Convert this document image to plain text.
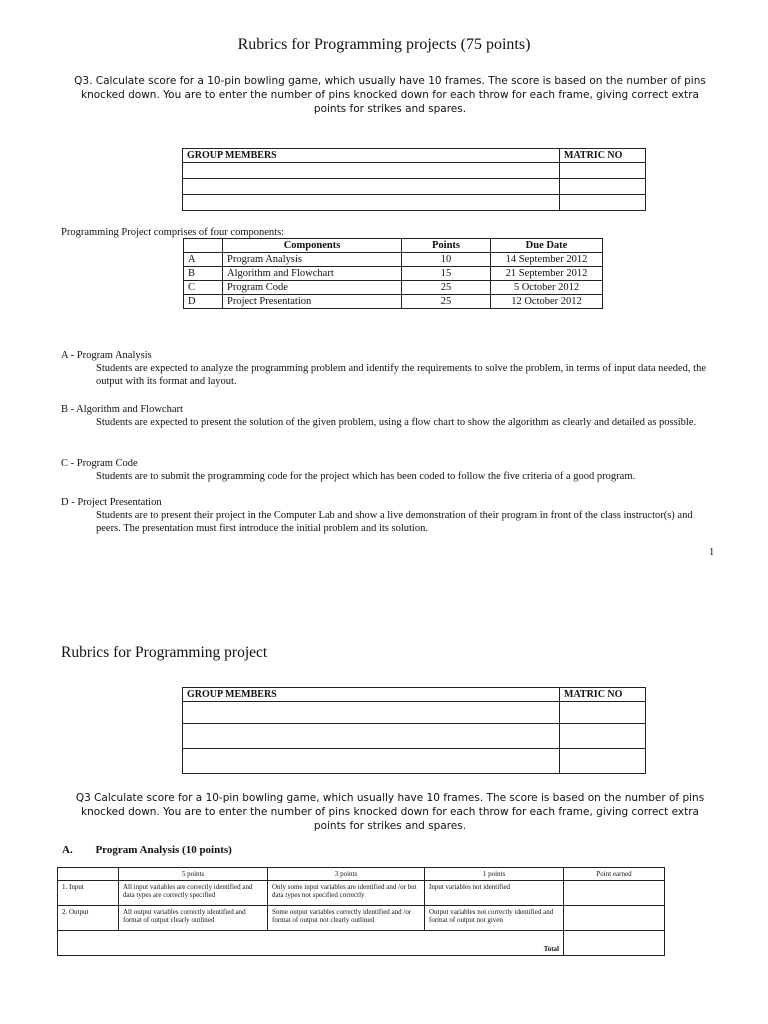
Rubrics for Programming projects (75 points)
Q3. Calculate score for a 10-pin bowling game, which usually have 10 frames. The score is based on the number of pins knocked down. You are to enter the number of pins knocked down for each throw for each frame, giving correct extra points for strikes and spares.
GROUP MEMBERS	MATRIC NO

Programming Project comprises of four components:
	Components	Points	Due Date
A	Program Analysis	10	14 September 2012
B	Algorithm and Flowchart	15	21 September 2012
C	Program Code	25	5 October 2012
D	Project Presentation	25	12 October 2012
A - Program Analysis
Students are expected to analyze the programming problem and identify the requirements to solve the problem, in terms of input data needed, the output with its format and layout.
B - Algorithm and Flowchart
Students are expected to present the solution of the given problem, using a flow chart to show the algorithm as clearly and detailed as possible.
C - Program Code
Students are to submit the programming code for the project which has been coded to follow the five criteria of a good program.
D - Project Presentation
Students are to present their project in the Computer Lab and show a live demonstration of their program in front of the class instructor(s) and peers. The presentation must first introduce the initial problem and its solution.
1
Rubrics for Programming project
GROUP MEMBERS	MATRIC NO

Q3 Calculate score for a 10-pin bowling game, which usually have 10 frames. The score is based on the number of pins knocked down. You are to enter the number of pins knocked down for each throw for each frame, giving correct extra points for strikes and spares.
A. Program Analysis (10 points)
	5 points	3 points	1 points	Point earned
1. Input	All input variables are correctly identified and data types are correctly specified	Only some input variables are identified and /or but data types not specified correctly	Input variables not identified	
2. Output	All output variables correctly identified and format of output clearly outlined	Some output variables correctly identified and /or format of output not clearly outlined	Output variables not correctly identified and format of output not given	
Total				
